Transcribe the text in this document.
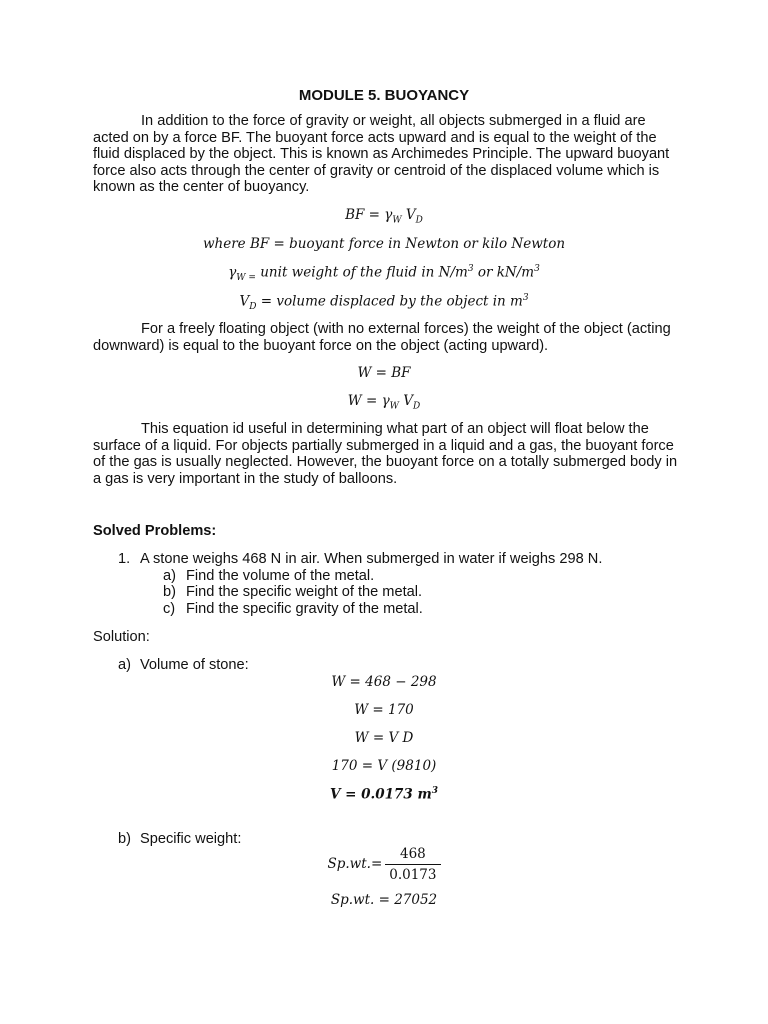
MODULE 5. BUOYANCY
In addition to the force of gravity or weight, all objects submerged in a fluid are acted on by a force BF. The buoyant force acts upward and is equal to the weight of the fluid displaced by the object. This is known as Archimedes Principle. The upward buoyant force also acts through the center of gravity or centroid of the displaced volume which is known as the center of buoyancy.
BF = $\gamma_W$ $V_D$
where BF = buoyant force in Newton or kilo Newton
$\gamma_{W =}$ unit weight of the fluid in $N/m^3$ or $kN/m^3$
$V_D$ = volume displaced by the object in $m^3$
For a freely floating object (with no external forces) the weight of the object (acting downward) is equal to the buoyant force on the object (acting upward).
W = BF
$W = \gamma_W$ $V_D$
This equation id useful in determining what part of an object will float below the surface of a liquid. For objects partially submerged in a liquid and a gas, the buoyant force of the gas is usually neglected. However, the buoyant force on a totally submerged body in a gas is very important in the study of balloons.
Solved Problems:
1. A stone weighs 468 N in air. When submerged in water if weighs 298 N.
a) Find the volume of the metal.
b) Find the specific weight of the metal.
c) Find the specific gravity of the metal.
Solution:
a) Volume of stone:
W = 468 − 298
W = 170
W = V D
170 = V (9810)
V = 0.0173 $m^3$
b) Specific weight:
$Sp.wt.= \frac{468}{0.0173}$
Sp.wt. = 27052
